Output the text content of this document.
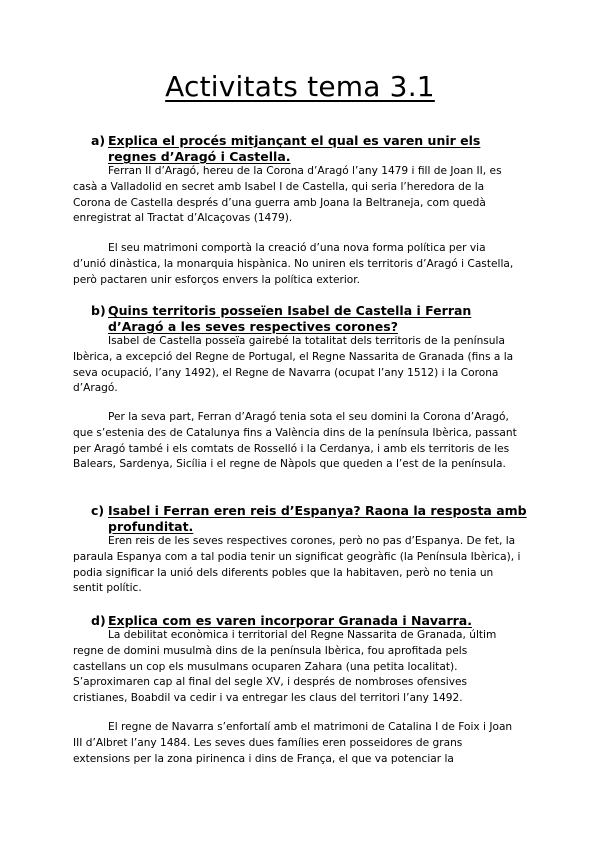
Activitats tema 3.1
a) Explica el procés mitjançant el qual es varen unir els regnes d’Aragó i Castella.

Ferran II d’Aragó, hereu de la Corona d’Aragó l’any 1479 i fill de Joan II, es casà a Valladolid en secret amb Isabel I de Castella, qui seria l’heredora de la Corona de Castella després d’una guerra amb Joana la Beltraneja, com quedà enregistrat al Tractat d’Alcaçovas (1479).

El seu matrimoni comportà la creació d’una nova forma política per via d’unió dinàstica, la monarquia hispànica. No uniren els territoris d’Aragó i Castella, però pactaren unir esforços envers la política exterior.

b) Quins territoris posseïen Isabel de Castella i Ferran d’Aragó a les seves respectives corones?

Isabel de Castella posseïa gairebé la totalitat dels territoris de la península Ibèrica, a excepció del Regne de Portugal, el Regne Nassarita de Granada (fins a la seva ocupació, l’any 1492), el Regne de Navarra (ocupat l’any 1512) i la Corona d’Aragó.

Per la seva part, Ferran d’Aragó tenia sota el seu domini la Corona d’Aragó, que s’estenia des de Catalunya fins a València dins de la península Ibèrica, passant per Aragó també i els comtats de Rosselló i la Cerdanya, i amb els territoris de les Balears, Sardenya, Sicília i el regne de Nàpols que queden a l’est de la península.

c) Isabel i Ferran eren reis d’Espanya? Raona la resposta amb profunditat.

Eren reis de les seves respectives corones, però no pas d’Espanya. De fet, la paraula Espanya com a tal podia tenir un significat geogràfic (la Península Ibèrica), i podia significar la unió dels diferents pobles que la habitaven, però no tenia un sentit polític.

d) Explica com es varen incorporar Granada i Navarra.

La debilitat econòmica i territorial del Regne Nassarita de Granada, últim regne de domini musulmà dins de la península Ibèrica, fou aprofitada pels castellans un cop els musulmans ocuparen Zahara (una petita localitat). S’aproximaren cap al final del segle XV, i després de nombroses ofensives cristianes, Boabdil va cedir i va entregar les claus del territori l’any 1492.

El regne de Navarra s’enfortalí amb el matrimoni de Catalina I de Foix i Joan III d’Albret l’any 1484. Les seves dues famílies eren posseidores de grans extensions per la zona pirinenca i dins de França, el que va potenciar la
